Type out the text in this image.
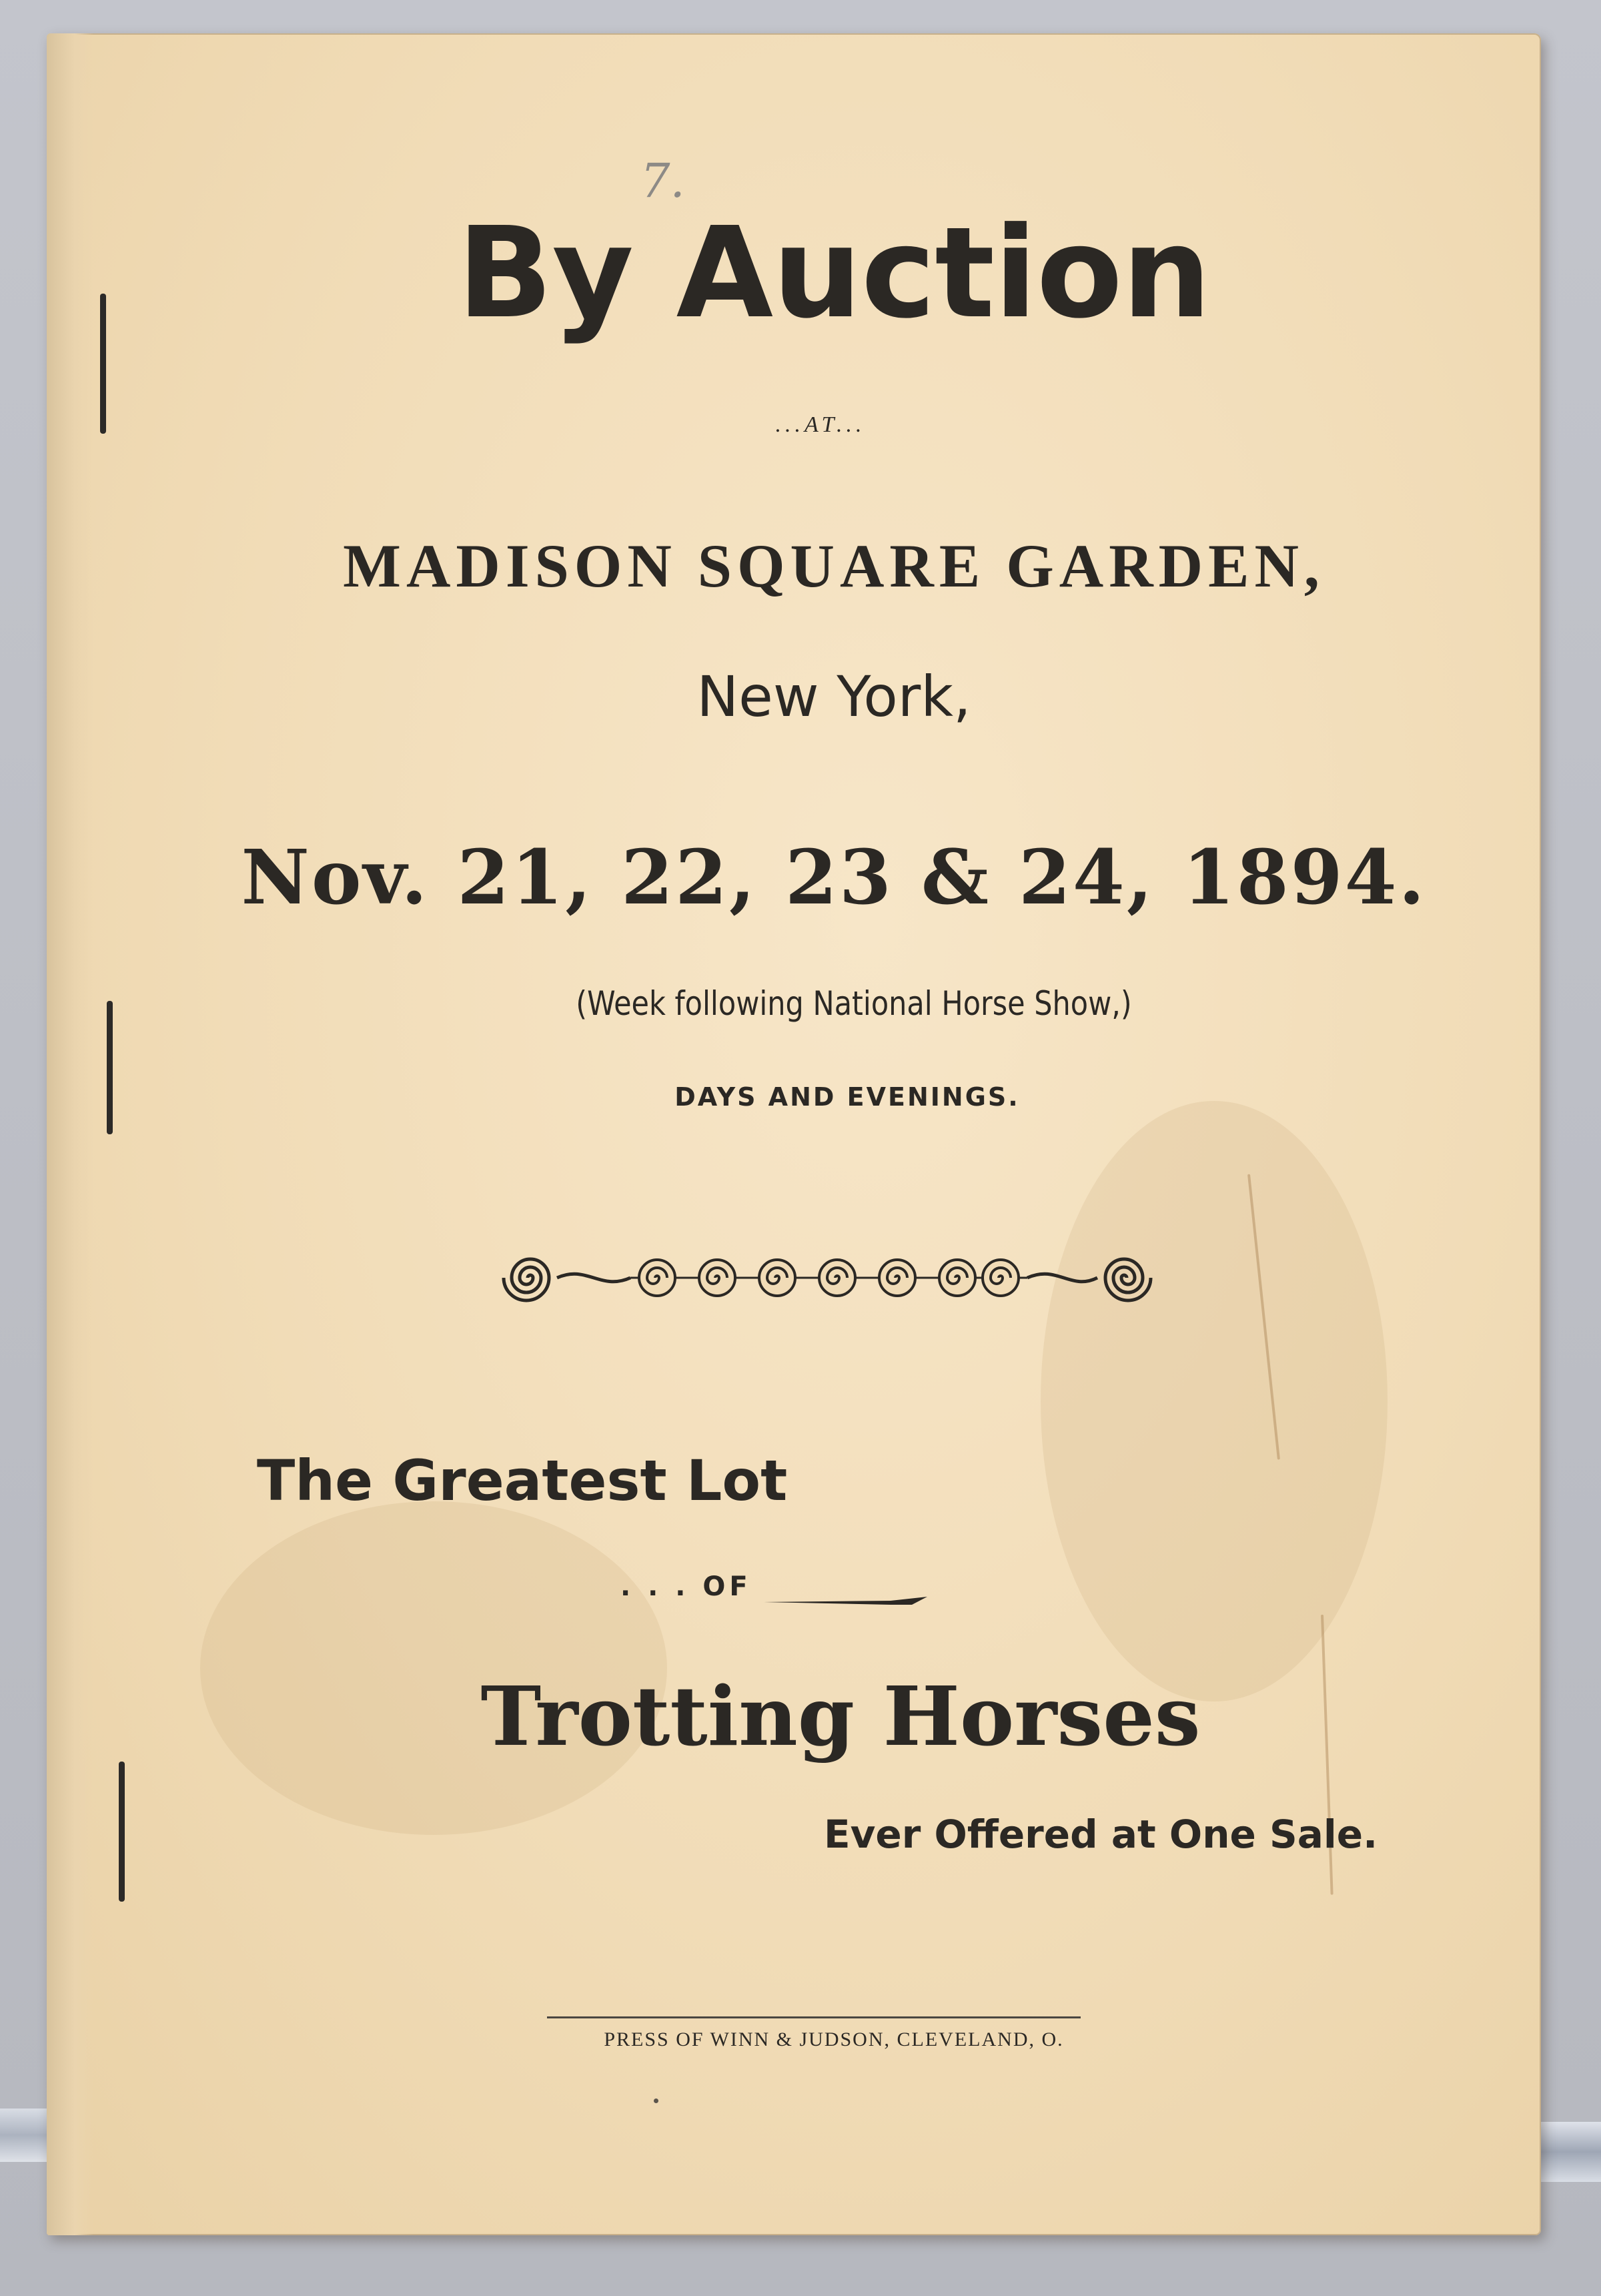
7.
By Auction
...AT...
MADISON SQUARE GARDEN,
New York,
Nov. 21, 22, 23 & 24, 1894.
(Week following National Horse Show,)
DAYS AND EVENINGS.
The Greatest Lot
. . . OF
Trotting Horses
Ever Offered at One Sale.
PRESS OF WINN & JUDSON, CLEVELAND, O.
